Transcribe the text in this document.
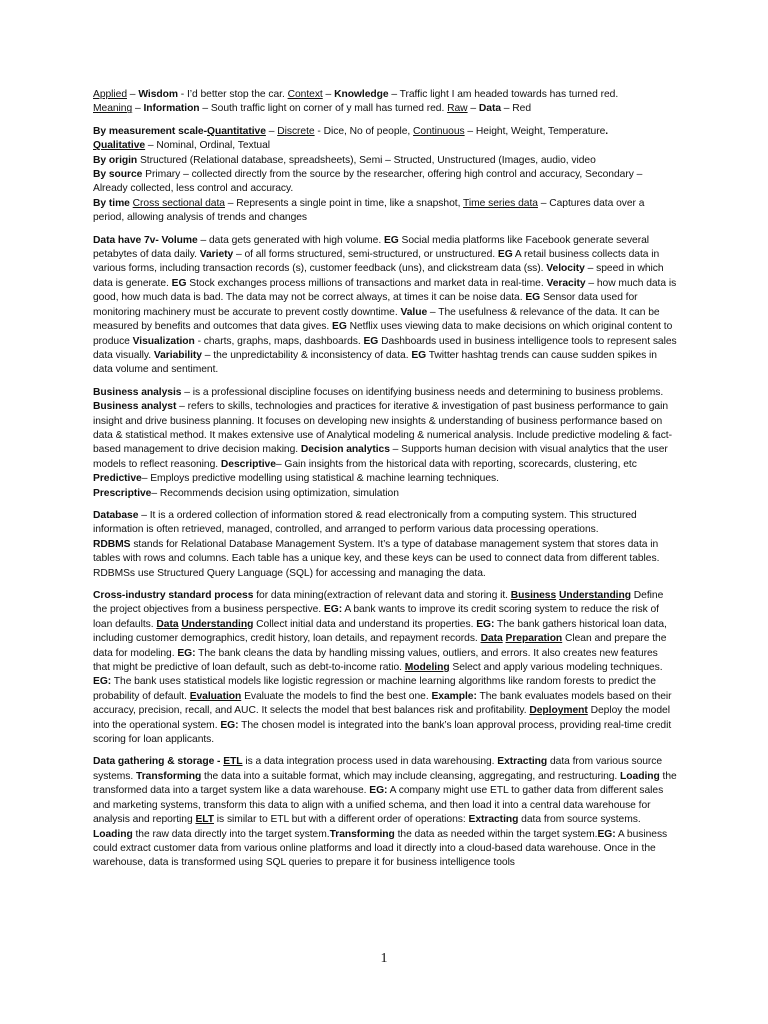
Applied – Wisdom - I’d better stop the car. Context – Knowledge – Traffic light I am headed towards has turned red.

Meaning – Information – South traffic light on corner of y mall has turned red. Raw – Data – Red

By measurement scale-Quantitative – Discrete - Dice, No of people, Continuous – Height, Weight, Temperature.

Qualitative – Nominal, Ordinal, Textual

By origin Structured (Relational database, spreadsheets), Semi – Structed, Unstructured (Images, audio, video

By source Primary – collected directly from the source by the researcher, offering high control and accuracy, Secondary – Already collected, less control and accuracy.

By time Cross sectional data – Represents a single point in time, like a snapshot, Time series data – Captures data over a period, allowing analysis of trends and changes

Data have 7v- Volume – data gets generated with high volume. EG Social media platforms like Facebook generate several petabytes of data daily. Variety – of all forms structured, semi-structured, or unstructured. EG A retail business collects data in various forms, including transaction records (s), customer feedback (uns), and clickstream data (ss). Velocity – speed in which data is generate. EG Stock exchanges process millions of transactions and market data in real-time. Veracity – how much data is good, how much data is bad. The data may not be correct always, at times it can be noise data. EG Sensor data used for monitoring machinery must be accurate to prevent costly downtime. Value – The usefulness & relevance of the data. It can be measured by benefits and outcomes that data gives. EG Netflix uses viewing data to make decisions on which original content to produce Visualization - charts, graphs, maps, dashboards. EG Dashboards used in business intelligence tools to represent sales data visually. Variability – the unpredictability & inconsistency of data. EG Twitter hashtag trends can cause sudden spikes in data volume and sentiment.

Business analysis – is a professional discipline focuses on identifying business needs and determining to business problems.

Business analyst – refers to skills, technologies and practices for iterative & investigation of past business performance to gain insight and drive business planning. It focuses on developing new insights & understanding of business performance based on data & statistical method. It makes extensive use of Analytical modeling & numerical analysis. Include predictive modeling & fact-based management to drive decision making. Decision analytics – Supports human decision with visual analytics that the user models to reflect reasoning. Descriptive– Gain insights from the historical data with reporting, scorecards, clustering, etc Predictive– Employs predictive modelling using statistical & machine learning techniques.

Prescriptive– Recommends decision using optimization, simulation

Database – It is a ordered collection of information stored & read electronically from a computing system. This structured information is often retrieved, managed, controlled, and arranged to perform various data processing operations.

RDBMS stands for Relational Database Management System. It’s a type of database management system that stores data in tables with rows and columns. Each table has a unique key, and these keys can be used to connect data from different tables. RDBMSs use Structured Query Language (SQL) for accessing and managing the data.

Cross-industry standard process for data mining(extraction of relevant data and storing it. Business Understanding Define the project objectives from a business perspective. EG: A bank wants to improve its credit scoring system to reduce the risk of loan defaults. Data Understanding Collect initial data and understand its properties. EG: The bank gathers historical loan data, including customer demographics, credit history, loan details, and repayment records. Data Preparation Clean and prepare the data for modeling. EG: The bank cleans the data by handling missing values, outliers, and errors. It also creates new features that might be predictive of loan default, such as debt-to-income ratio. Modeling Select and apply various modeling techniques. EG: The bank uses statistical models like logistic regression or machine learning algorithms like random forests to predict the probability of default. Evaluation Evaluate the models to find the best one. Example: The bank evaluates models based on their accuracy, precision, recall, and AUC. It selects the model that best balances risk and profitability. Deployment Deploy the model into the operational system. EG: The chosen model is integrated into the bank’s loan approval process, providing real-time credit scoring for loan applicants.

Data gathering & storage - ETL is a data integration process used in data warehousing. Extracting data from various source systems. Transforming the data into a suitable format, which may include cleansing, aggregating, and restructuring. Loading the transformed data into a target system like a data warehouse. EG: A company might use ETL to gather data from different sales and marketing systems, transform this data to align with a unified schema, and then load it into a central data warehouse for analysis and reporting ELT is similar to ETL but with a different order of operations: Extracting data from source systems. Loading the raw data directly into the target system.Transforming the data as needed within the target system.EG: A business could extract customer data from various online platforms and load it directly into a cloud-based data warehouse. Once in the warehouse, data is transformed using SQL queries to prepare it for business intelligence tools

1
